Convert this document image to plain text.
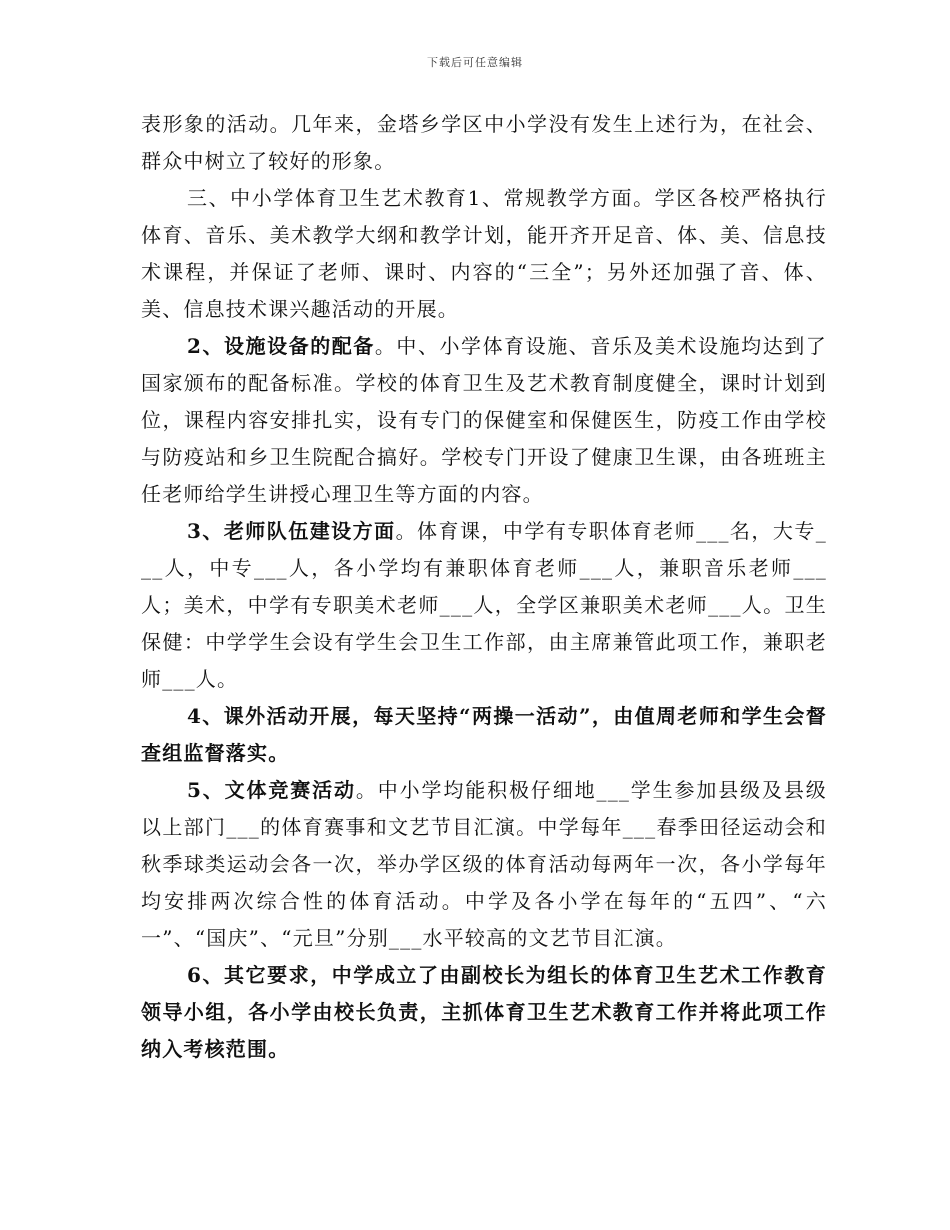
下载后可任意编辑

表形象的活动。几年来，金塔乡学区中小学没有发生上述行为，在社会、群众中树立了较好的形象。

三、中小学体育卫生艺术教育1、常规教学方面。学区各校严格执行体育、音乐、美术教学大纲和教学计划，能开齐开足音、体、美、信息技术课程，并保证了老师、课时、内容的“三全”；另外还加强了音、体、美、信息技术课兴趣活动的开展。

2、设施设备的配备。中、小学体育设施、音乐及美术设施均达到了国家颁布的配备标准。学校的体育卫生及艺术教育制度健全，课时计划到位，课程内容安排扎实，设有专门的保健室和保健医生，防疫工作由学校与防疫站和乡卫生院配合搞好。学校专门开设了健康卫生课，由各班班主任老师给学生讲授心理卫生等方面的内容。

3、老师队伍建设方面。体育课，中学有专职体育老师___名，大专___人，中专___人，各小学均有兼职体育老师___人，兼职音乐老师___人；美术，中学有专职美术老师___人，全学区兼职美术老师___人。卫生保健：中学学生会设有学生会卫生工作部，由主席兼管此项工作，兼职老师___人。

4、课外活动开展，每天坚持“两操一活动”，由值周老师和学生会督查组监督落实。

5、文体竞赛活动。中小学均能积极仔细地___学生参加县级及县级以上部门___的体育赛事和文艺节目汇演。中学每年___春季田径运动会和秋季球类运动会各一次，举办学区级的体育活动每两年一次，各小学每年均安排两次综合性的体育活动。中学及各小学在每年的“五四”、“六一”、“国庆”、“元旦”分别___水平较高的文艺节目汇演。

6、其它要求，中学成立了由副校长为组长的体育卫生艺术工作教育领导小组，各小学由校长负责，主抓体育卫生艺术教育工作并将此项工作纳入考核范围。
